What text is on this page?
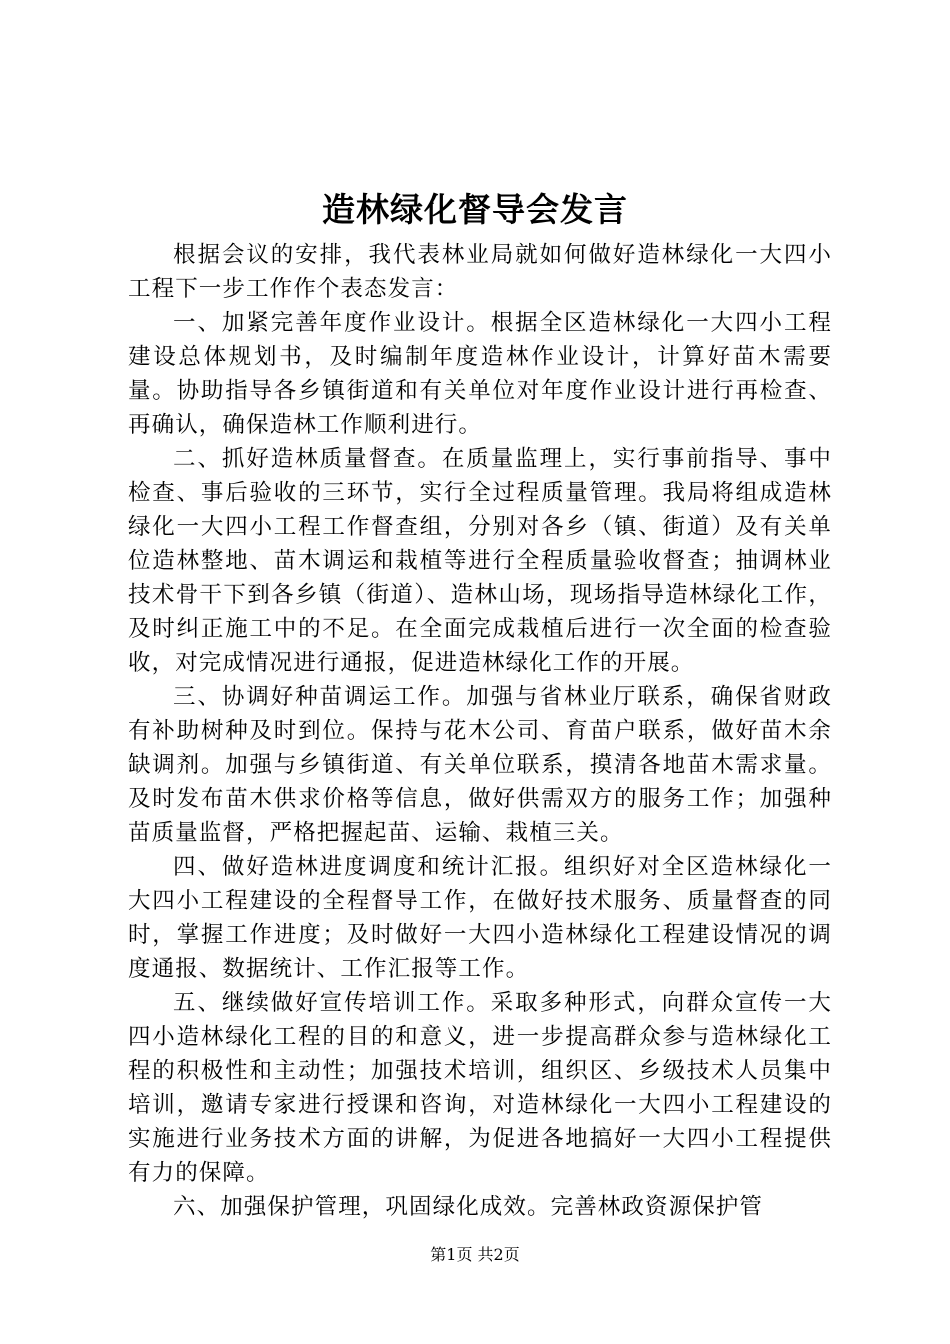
造林绿化督导会发言

根据会议的安排，我代表林业局就如何做好造林绿化一大四小工程下一步工作作个表态发言：

一、加紧完善年度作业设计。根据全区造林绿化一大四小工程建设总体规划书，及时编制年度造林作业设计，计算好苗木需要量。协助指导各乡镇街道和有关单位对年度作业设计进行再检查、再确认，确保造林工作顺利进行。

二、抓好造林质量督查。在质量监理上，实行事前指导、事中检查、事后验收的三环节，实行全过程质量管理。我局将组成造林绿化一大四小工程工作督查组，分别对各乡（镇、街道）及有关单位造林整地、苗木调运和栽植等进行全程质量验收督查；抽调林业技术骨干下到各乡镇（街道）、造林山场，现场指导造林绿化工作，及时纠正施工中的不足。在全面完成栽植后进行一次全面的检查验收，对完成情况进行通报，促进造林绿化工作的开展。

三、协调好种苗调运工作。加强与省林业厅联系，确保省财政有补助树种及时到位。保持与花木公司、育苗户联系，做好苗木余缺调剂。加强与乡镇街道、有关单位联系，摸清各地苗木需求量。及时发布苗木供求价格等信息，做好供需双方的服务工作；加强种苗质量监督，严格把握起苗、运输、栽植三关。

四、做好造林进度调度和统计汇报。组织好对全区造林绿化一大四小工程建设的全程督导工作，在做好技术服务、质量督查的同时，掌握工作进度；及时做好一大四小造林绿化工程建设情况的调度通报、数据统计、工作汇报等工作。

五、继续做好宣传培训工作。采取多种形式，向群众宣传一大四小造林绿化工程的目的和意义，进一步提高群众参与造林绿化工程的积极性和主动性；加强技术培训，组织区、乡级技术人员集中培训，邀请专家进行授课和咨询，对造林绿化一大四小工程建设的实施进行业务技术方面的讲解，为促进各地搞好一大四小工程提供有力的保障。

六、加强保护管理，巩固绿化成效。完善林政资源保护管

第1页 共2页
